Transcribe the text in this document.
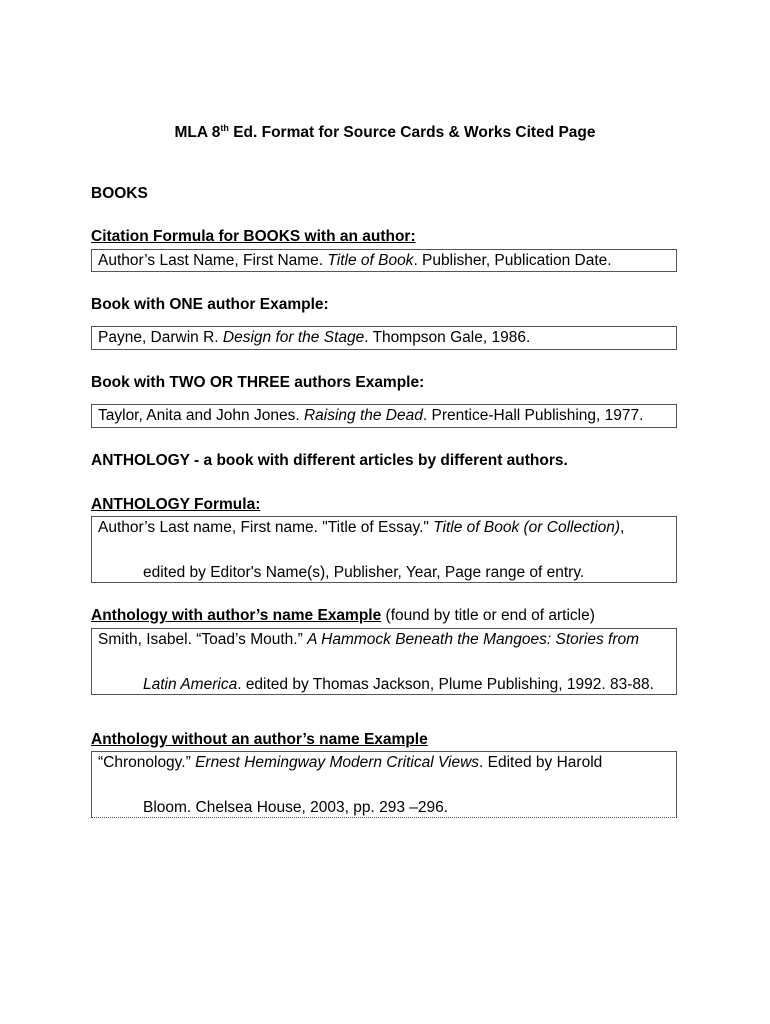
MLA 8th Ed. Format for Source Cards & Works Cited Page
BOOKS
Citation Formula for BOOKS with an author:
Author’s Last Name, First Name. Title of Book. Publisher, Publication Date.
Book with ONE author Example:
Payne, Darwin R. Design for the Stage. Thompson Gale, 1986.
Book with TWO OR THREE authors Example:
Taylor, Anita and John Jones. Raising the Dead. Prentice-Hall Publishing, 1977.
ANTHOLOGY - a book with different articles by different authors.
ANTHOLOGY Formula:
Author’s Last name, First name. "Title of Essay." Title of Book (or Collection),
edited by Editor's Name(s), Publisher, Year, Page range of entry.
Anthology with author’s name Example (found by title or end of article)
Smith, Isabel. “Toad’s Mouth.” A Hammock Beneath the Mangoes: Stories from
Latin America. edited by Thomas Jackson, Plume Publishing, 1992. 83-88.
Anthology without an author’s name Example
“Chronology.” Ernest Hemingway Modern Critical Views. Edited by Harold
Bloom. Chelsea House, 2003, pp. 293 –296.
